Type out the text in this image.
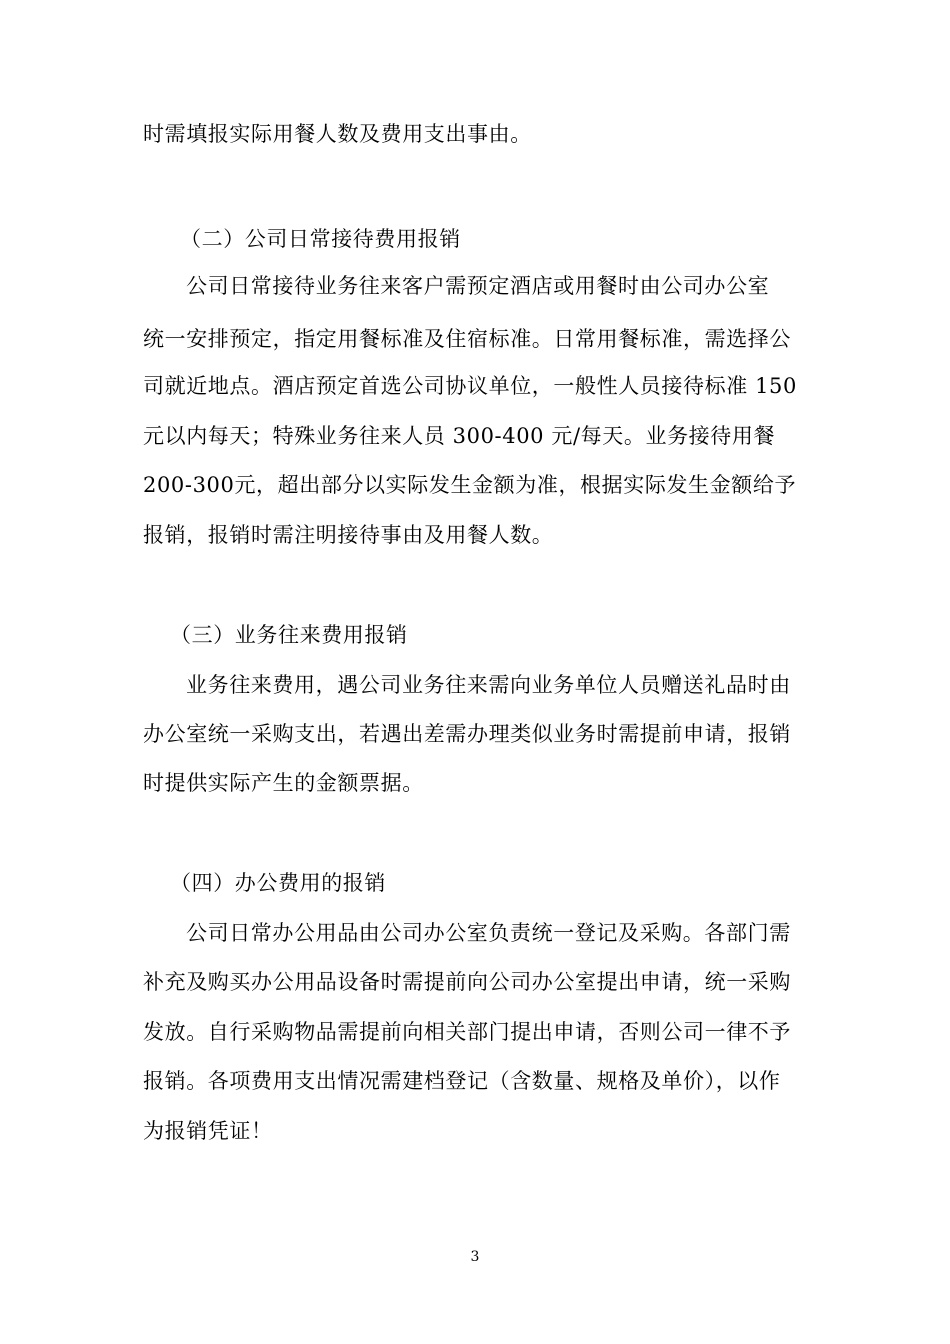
时需填报实际用餐人数及费用支出事由。

（二）公司日常接待费用报销

公司日常接待业务往来客户需预定酒店或用餐时由公司办公室

统一安排预定，指定用餐标准及住宿标准。日常用餐标准，需选择公

司就近地点。酒店预定首选公司协议单位，一般性人员接待标准 150

元以内每天；特殊业务往来人员 300-400 元/每天。业务接待用餐

200-300元，超出部分以实际发生金额为准，根据实际发生金额给予

报销，报销时需注明接待事由及用餐人数。

（三）业务往来费用报销

业务往来费用，遇公司业务往来需向业务单位人员赠送礼品时由

办公室统一采购支出，若遇出差需办理类似业务时需提前申请，报销

时提供实际产生的金额票据。

（四）办公费用的报销

公司日常办公用品由公司办公室负责统一登记及采购。各部门需

补充及购买办公用品设备时需提前向公司办公室提出申请，统一采购

发放。自行采购物品需提前向相关部门提出申请，否则公司一律不予

报销。各项费用支出情况需建档登记（含数量、规格及单价），以作

为报销凭证！

3
